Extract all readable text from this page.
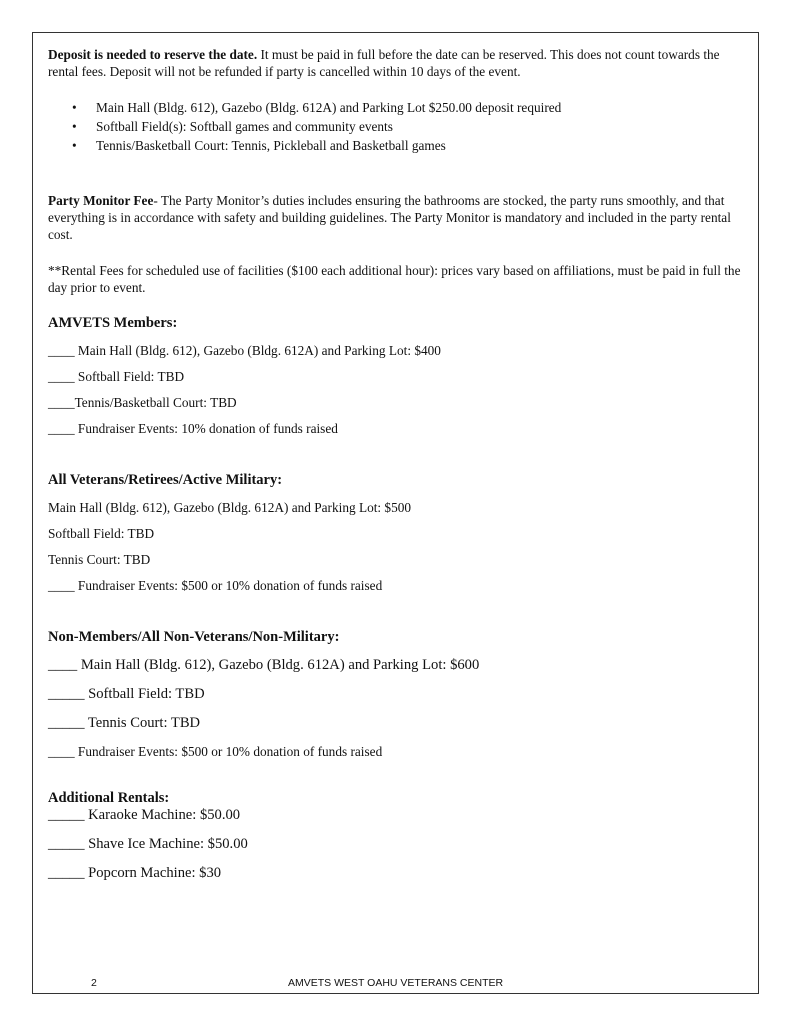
Deposit is needed to reserve the date. It must be paid in full before the date can be reserved. This does not count towards the rental fees. Deposit will not be refunded if party is cancelled within 10 days of the event.
• Main Hall (Bldg. 612), Gazebo (Bldg. 612A) and Parking Lot $250.00 deposit required
• Softball Field(s): Softball games and community events
• Tennis/Basketball Court: Tennis, Pickleball and Basketball games
Party Monitor Fee- The Party Monitor’s duties includes ensuring the bathrooms are stocked, the party runs smoothly, and that everything is in accordance with safety and building guidelines. The Party Monitor is mandatory and included in the party rental cost.
**Rental Fees for scheduled use of facilities ($100 each additional hour): prices vary based on affiliations, must be paid in full the day prior to event.
AMVETS Members:
____ Main Hall (Bldg. 612), Gazebo (Bldg. 612A) and Parking Lot: $400
____ Softball Field: TBD
____Tennis/Basketball Court: TBD
____ Fundraiser Events: 10% donation of funds raised
All Veterans/Retirees/Active Military:
Main Hall (Bldg. 612), Gazebo (Bldg. 612A) and Parking Lot: $500
Softball Field: TBD
Tennis Court: TBD
____ Fundraiser Events: $500 or 10% donation of funds raised
Non-Members/All Non-Veterans/Non-Military:
____ Main Hall (Bldg. 612), Gazebo (Bldg. 612A) and Parking Lot: $600
_____ Softball Field: TBD
_____ Tennis Court: TBD
____ Fundraiser Events: $500 or 10% donation of funds raised
Additional Rentals:
_____ Karaoke Machine: $50.00
_____ Shave Ice Machine: $50.00
_____ Popcorn Machine: $30
2	AMVETS WEST OAHU VETERANS CENTER
